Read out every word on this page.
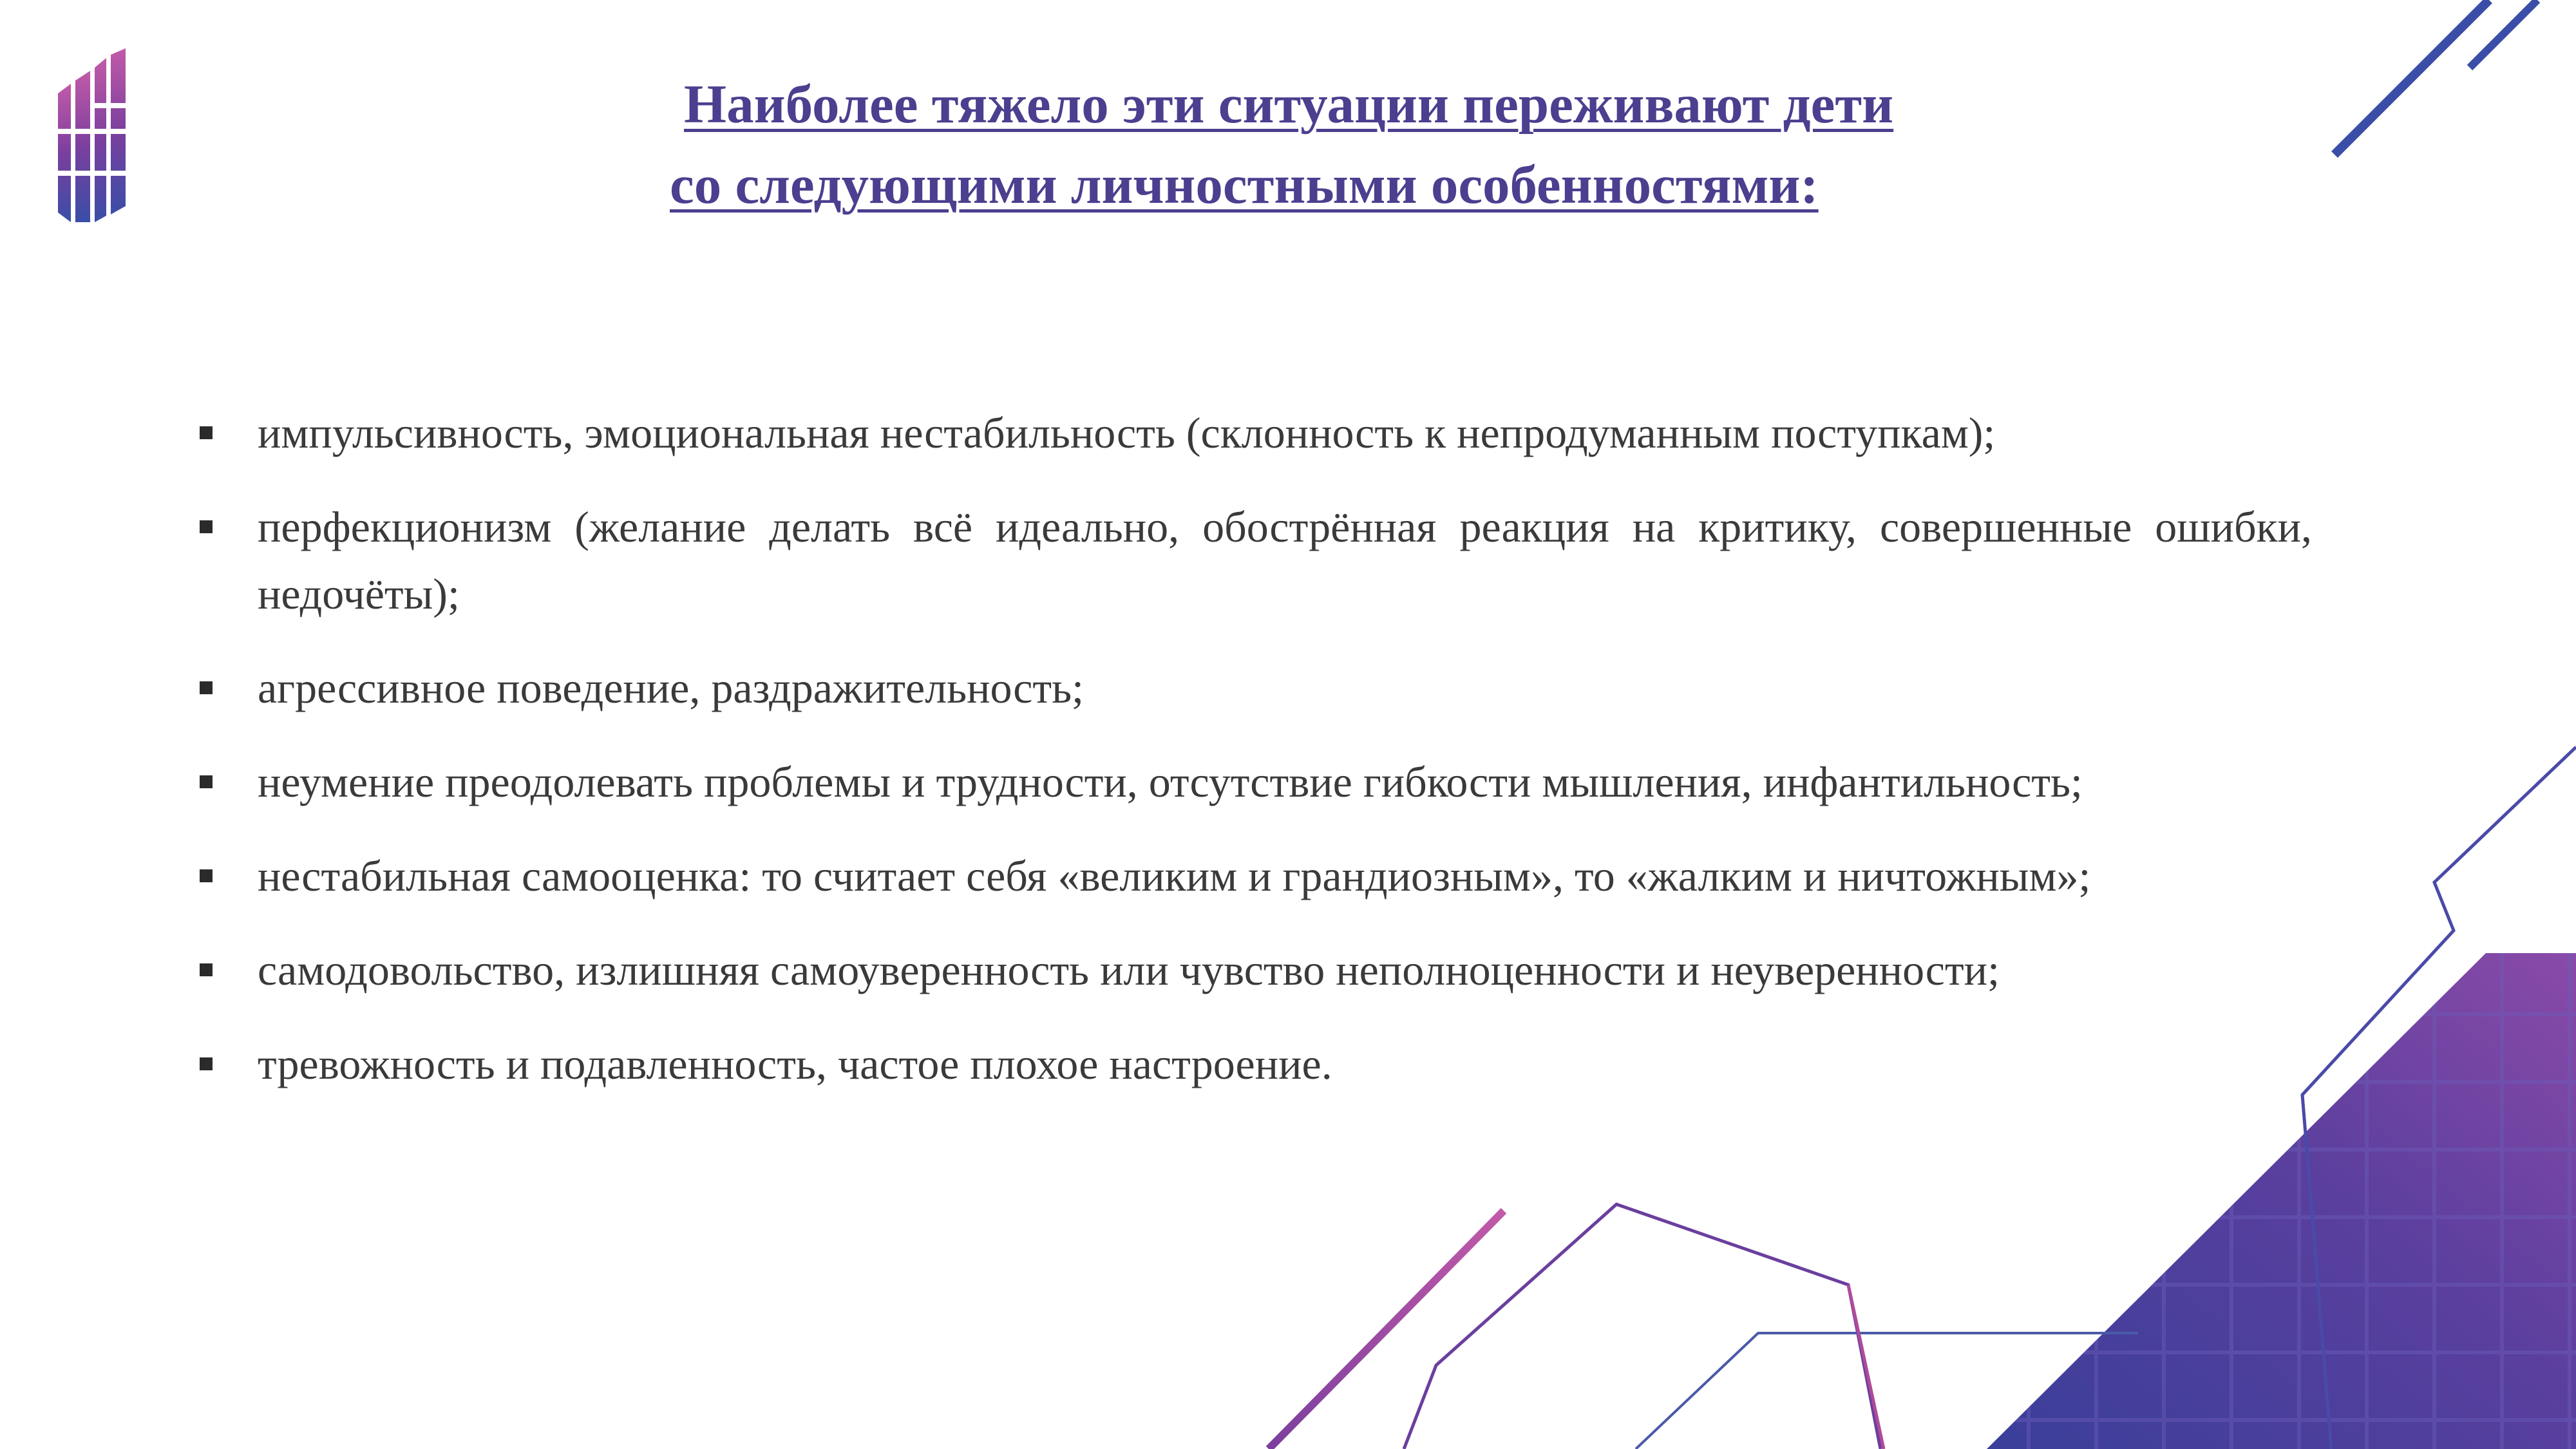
Наиболее тяжело эти ситуации переживают дети
со следующими личностными особенностями:
импульсивность, эмоциональная нестабильность (склонность к непродуманным поступкам);
перфекционизм (желание делать всё идеально, обострённая реакция на критику, совершенные ошибки, недочёты);
агрессивное поведение, раздражительность;
неумение преодолевать проблемы и трудности, отсутствие гибкости мышления, инфантильность;
нестабильная самооценка: то считает себя «великим и грандиозным», то «жалким и ничтожным»;
самодовольство, излишняя самоуверенность или чувство неполноценности и неуверенности;
тревожность и подавленность, частое плохое настроение.
